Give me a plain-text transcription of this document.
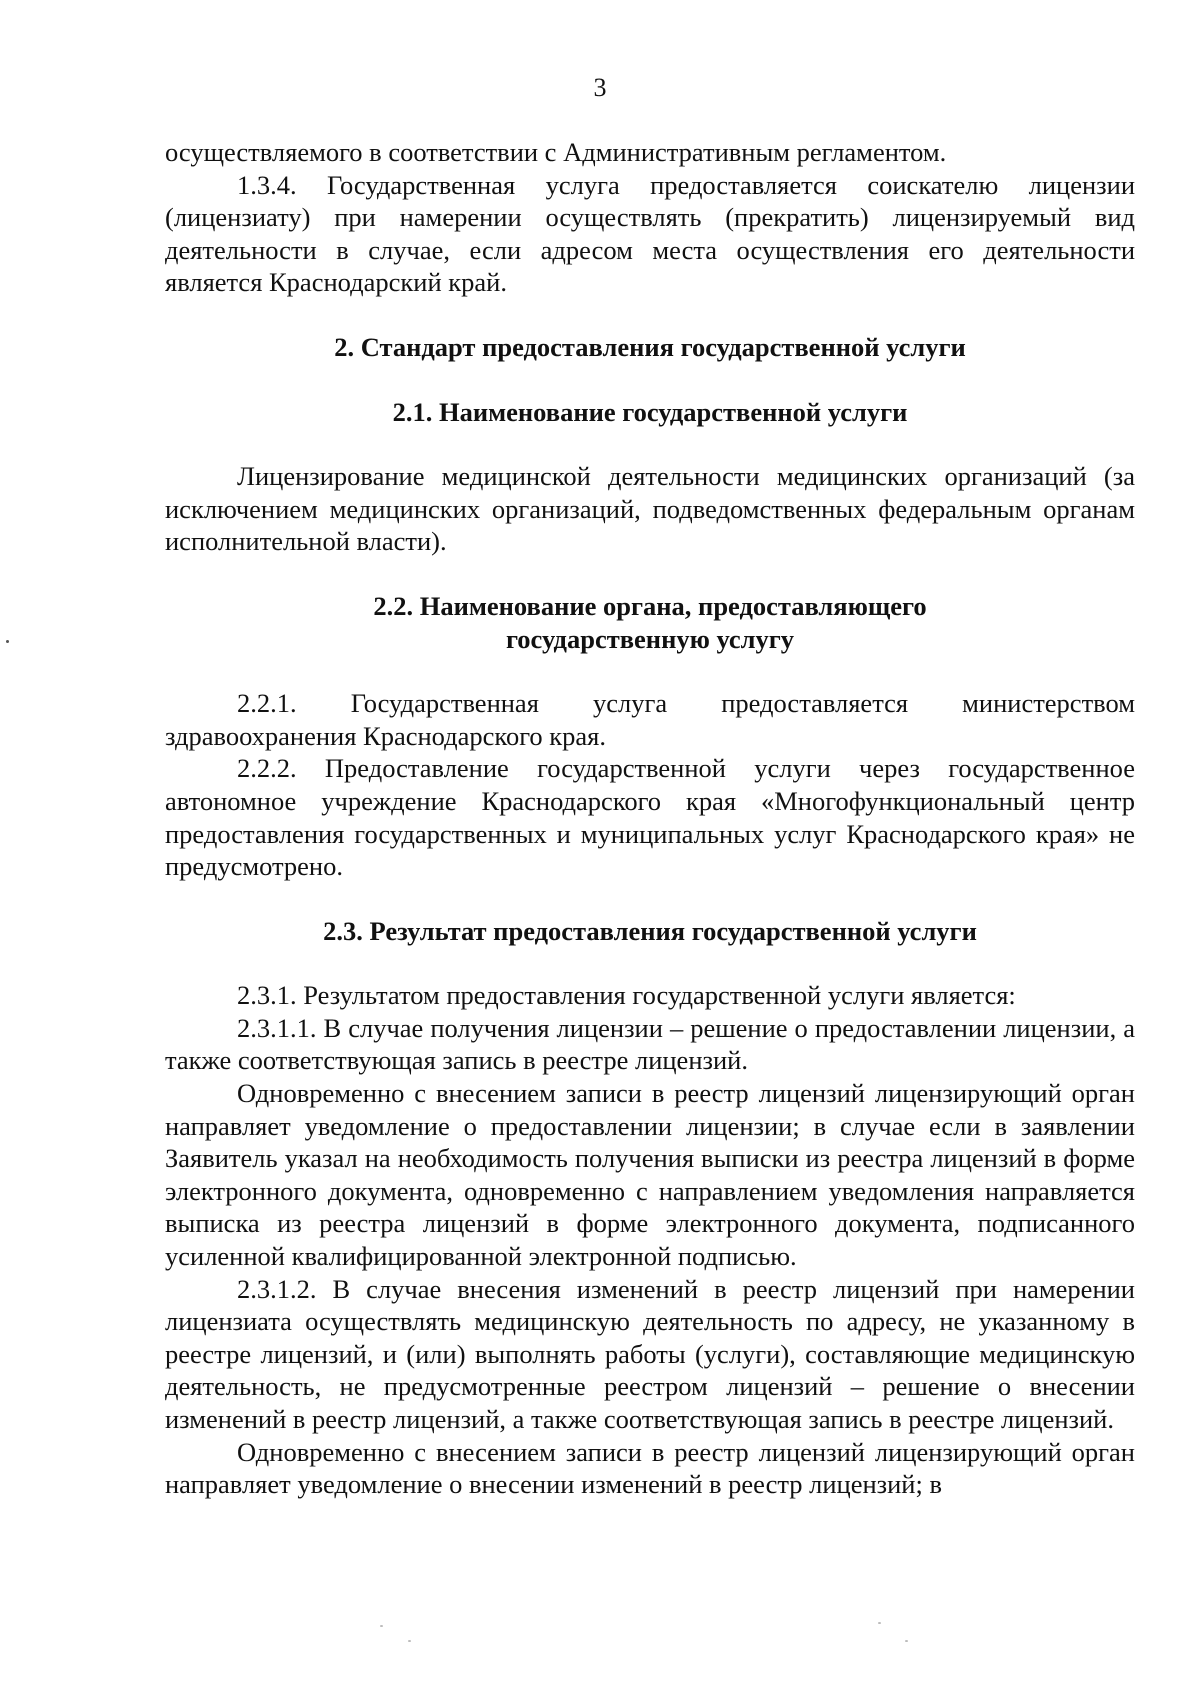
3

осуществляемого в соответствии с Административным регламентом.

1.3.4. Государственная услуга предоставляется соискателю лицензии (лицензиату) при намерении осуществлять (прекратить) лицензируемый вид деятельности в случае, если адресом места осуществления его деятельности является Краснодарский край.

2. Стандарт предоставления государственной услуги
2.1. Наименование государственной услуги

Лицензирование медицинской деятельности медицинских организаций (за исключением медицинских организаций, подведомственных федеральным органам исполнительной власти).

2.2. Наименование органа, предоставляющего
государственную услугу

2.2.1. Государственная услуга предоставляется министерством здравоохранения Краснодарского края.

2.2.2. Предоставление государственной услуги через государственное автономное учреждение Краснодарского края «Многофункциональный центр предоставления государственных и муниципальных услуг Краснодарского края» не предусмотрено.

2.3. Результат предоставления государственной услуги

2.3.1. Результатом предоставления государственной услуги является:

2.3.1.1. В случае получения лицензии – решение о предоставлении лицензии, а также соответствующая запись в реестре лицензий.

Одновременно с внесением записи в реестр лицензий лицензирующий орган направляет уведомление о предоставлении лицензии; в случае если в заявлении Заявитель указал на необходимость получения выписки из реестра лицензий в форме электронного документа, одновременно с направлением уведомления направляется выписка из реестра лицензий в форме электронного документа, подписанного усиленной квалифицированной электронной подписью.

2.3.1.2. В случае внесения изменений в реестр лицензий при намерении лицензиата осуществлять медицинскую деятельность по адресу, не указанному в реестре лицензий, и (или) выполнять работы (услуги), составляющие медицинскую деятельность, не предусмотренные реестром лицензий – решение о внесении изменений в реестр лицензий, а также соответствующая запись в реестре лицензий.

Одновременно с внесением записи в реестр лицензий лицензирующий орган направляет уведомление о внесении изменений в реестр лицензий; в
